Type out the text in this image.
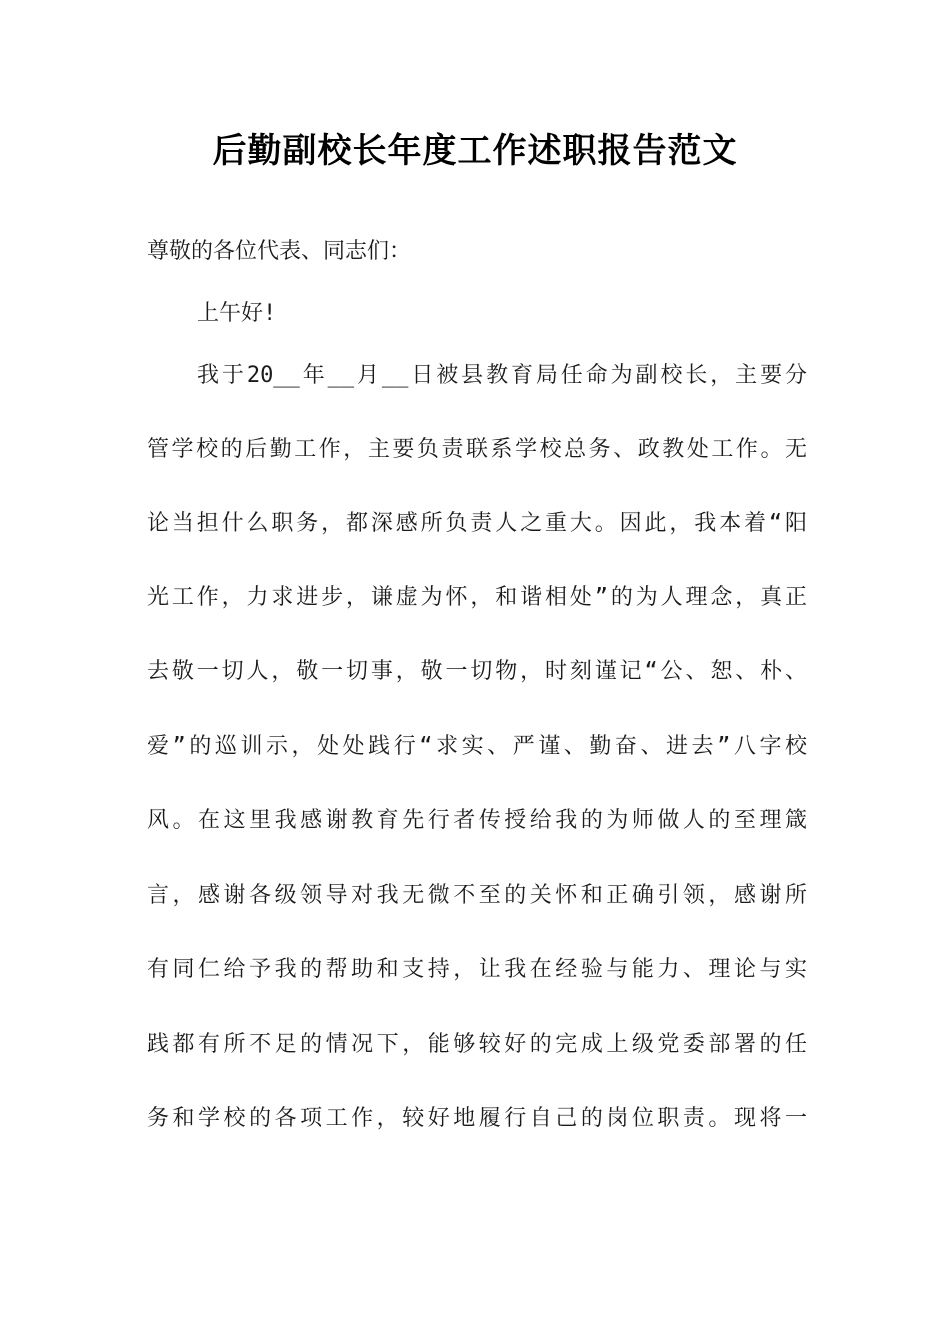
后勤副校长年度工作述职报告范文
尊敬的各位代表、同志们：
上午好!
我于20__年__月__日被县教育局任命为副校长，主要分
管学校的后勤工作，主要负责联系学校总务、政教处工作。无
论当担什么职务，都深感所负责人之重大。因此，我本着“阳
光工作，力求进步，谦虚为怀，和谐相处”的为人理念，真正
去敬一切人，敬一切事，敬一切物，时刻谨记“公、恕、朴、
爱”的巡训示，处处践行“求实、严谨、勤奋、进去”八字校
风。在这里我感谢教育先行者传授给我的为师做人的至理箴
言，感谢各级领导对我无微不至的关怀和正确引领，感谢所
有同仁给予我的帮助和支持，让我在经验与能力、理论与实
践都有所不足的情况下，能够较好的完成上级党委部署的任
务和学校的各项工作，较好地履行自己的岗位职责。现将一
